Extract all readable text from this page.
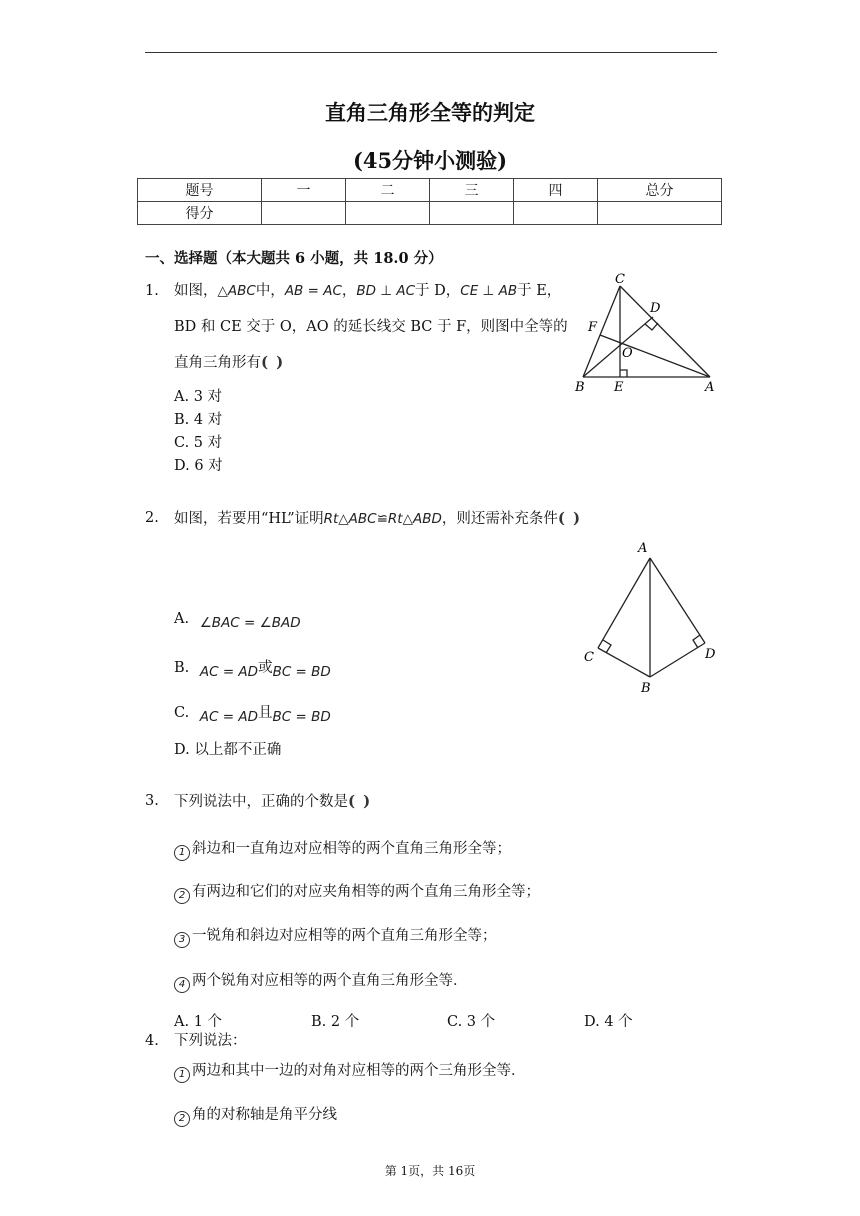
直角三角形全等的判定
(45分钟小测验)
题号	一	二	三	四	总分
得分					
一、选择题（本大题共 6 小题，共 18.0 分）
1. 如图，△ABC中，AB = AC，BD ⊥ AC于 D，CE ⊥ AB于 E，
BD 和 CE 交于 O，AO 的延长线交 BC 于 F，则图中全等的
直角三角形有()
A. 3 对
B. 4 对
C. 5 对
D. 6 对
C
D
F
O
B E	A
2. 如图，若要用“HL”证明Rt△ABC≌Rt△ABD，则还需补充条件()
A. ∠BAC = ∠BAD
B. AC = AD或BC = BD
C. AC = AD且BC = BD
D. 以上都不正确
A
C	D
B
3. 下列说法中，正确的个数是()
1 斜边和一直角边对应相等的两个直角三角形全等；
2 有两边和它们的对应夹角相等的两个直角三角形全等；
3 一锐角和斜边对应相等的两个直角三角形全等；
4 两个锐角对应相等的两个直角三角形全等．
A. 1 个	B. 2 个	C. 3 个	D. 4 个
4. 下列说法：
1 两边和其中一边的对角对应相等的两个三角形全等．
2 角的对称轴是角平分线
第 1页，共 16页
